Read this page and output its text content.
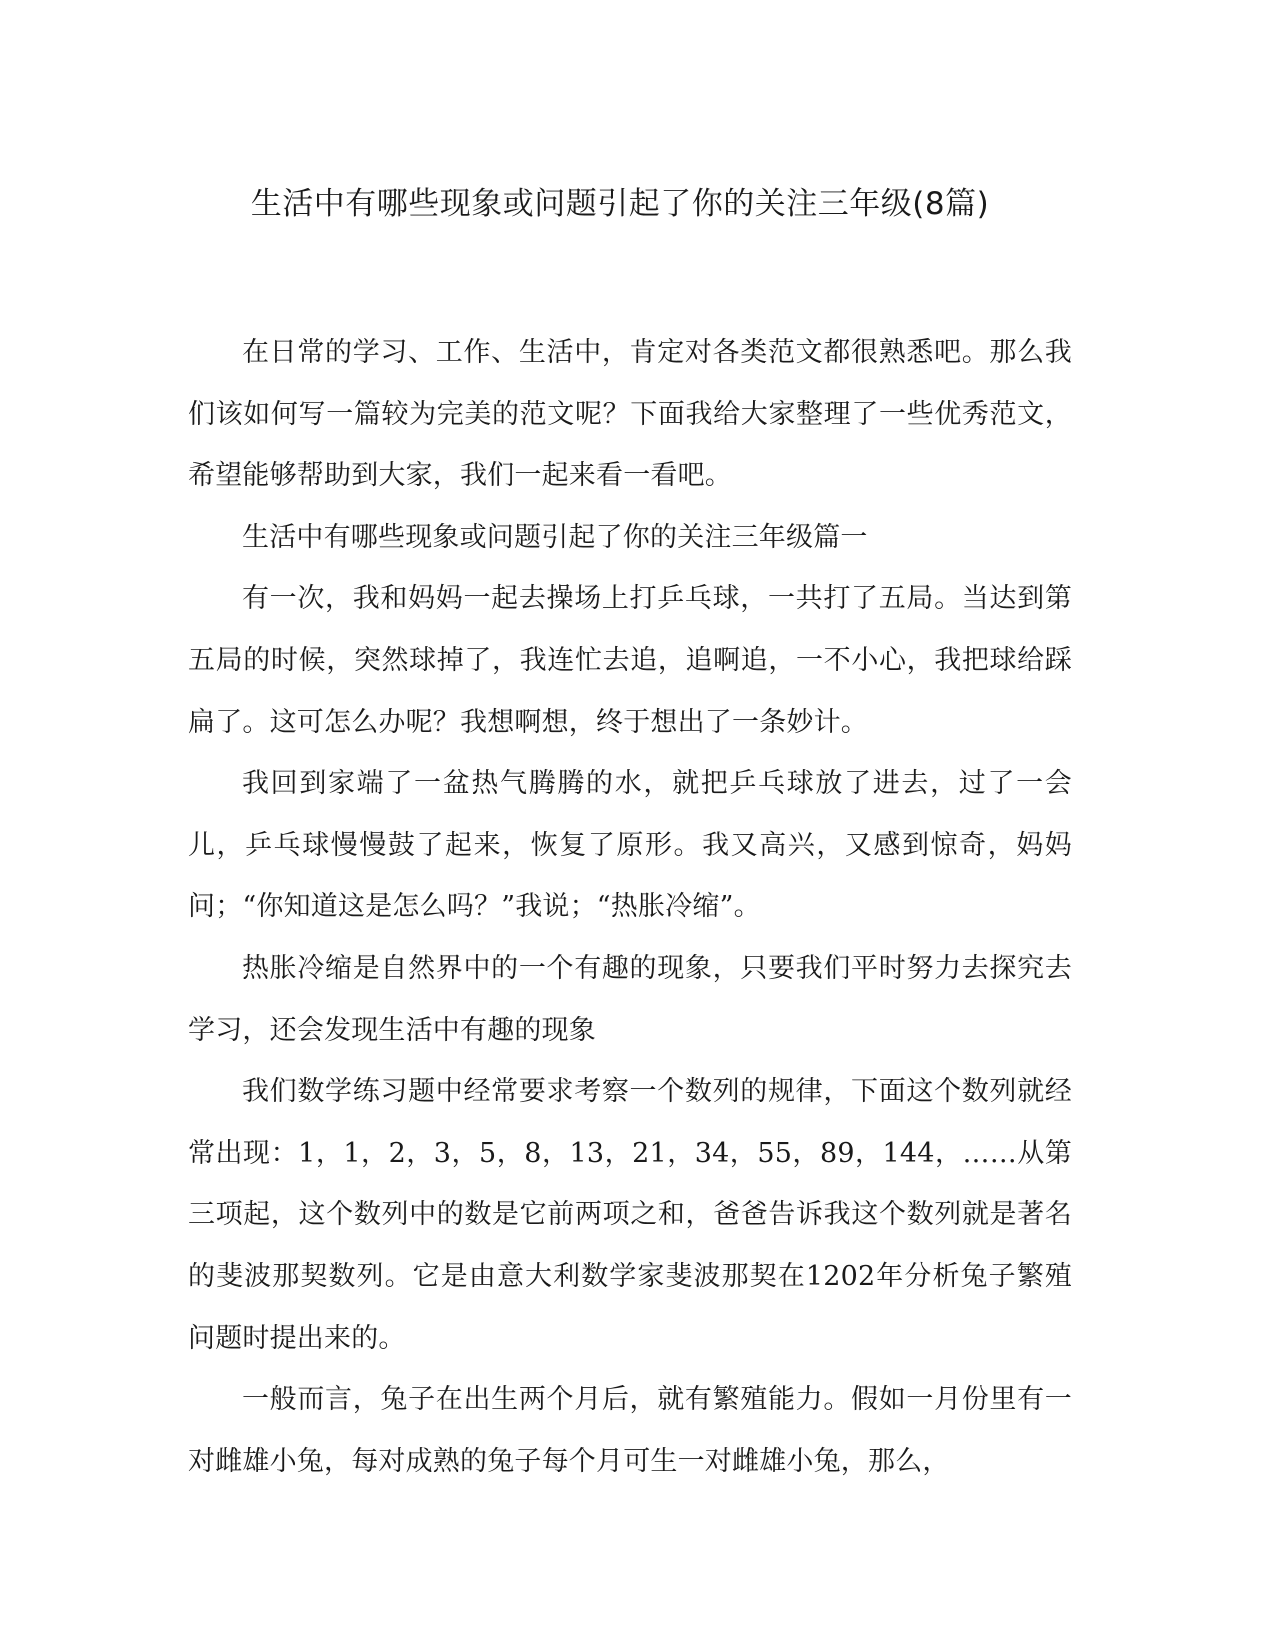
生活中有哪些现象或问题引起了你的关注三年级(8篇)

在日常的学习、工作、生活中，肯定对各类范文都很熟悉吧。那么我们该如何写一篇较为完美的范文呢？下面我给大家整理了一些优秀范文，希望能够帮助到大家，我们一起来看一看吧。

生活中有哪些现象或问题引起了你的关注三年级篇一

有一次，我和妈妈一起去操场上打乒乓球，一共打了五局。当达到第五局的时候，突然球掉了，我连忙去追，追啊追，一不小心，我把球给踩扁了。这可怎么办呢？我想啊想，终于想出了一条妙计。

我回到家端了一盆热气腾腾的水，就把乒乓球放了进去，过了一会儿，乒乓球慢慢鼓了起来，恢复了原形。我又高兴，又感到惊奇，妈妈问；“你知道这是怎么吗？”我说；“热胀冷缩”。

热胀冷缩是自然界中的一个有趣的现象，只要我们平时努力去探究去学习，还会发现生活中有趣的现象

我们数学练习题中经常要求考察一个数列的规律，下面这个数列就经常出现：1，1，2，3，5，8，13，21，34，55，89，144，……从第三项起，这个数列中的数是它前两项之和，爸爸告诉我这个数列就是著名的斐波那契数列。它是由意大利数学家斐波那契在1202年分析兔子繁殖问题时提出来的。

一般而言，兔子在出生两个月后，就有繁殖能力。假如一月份里有一对雌雄小兔，每对成熟的兔子每个月可生一对雌雄小兔，那么，
